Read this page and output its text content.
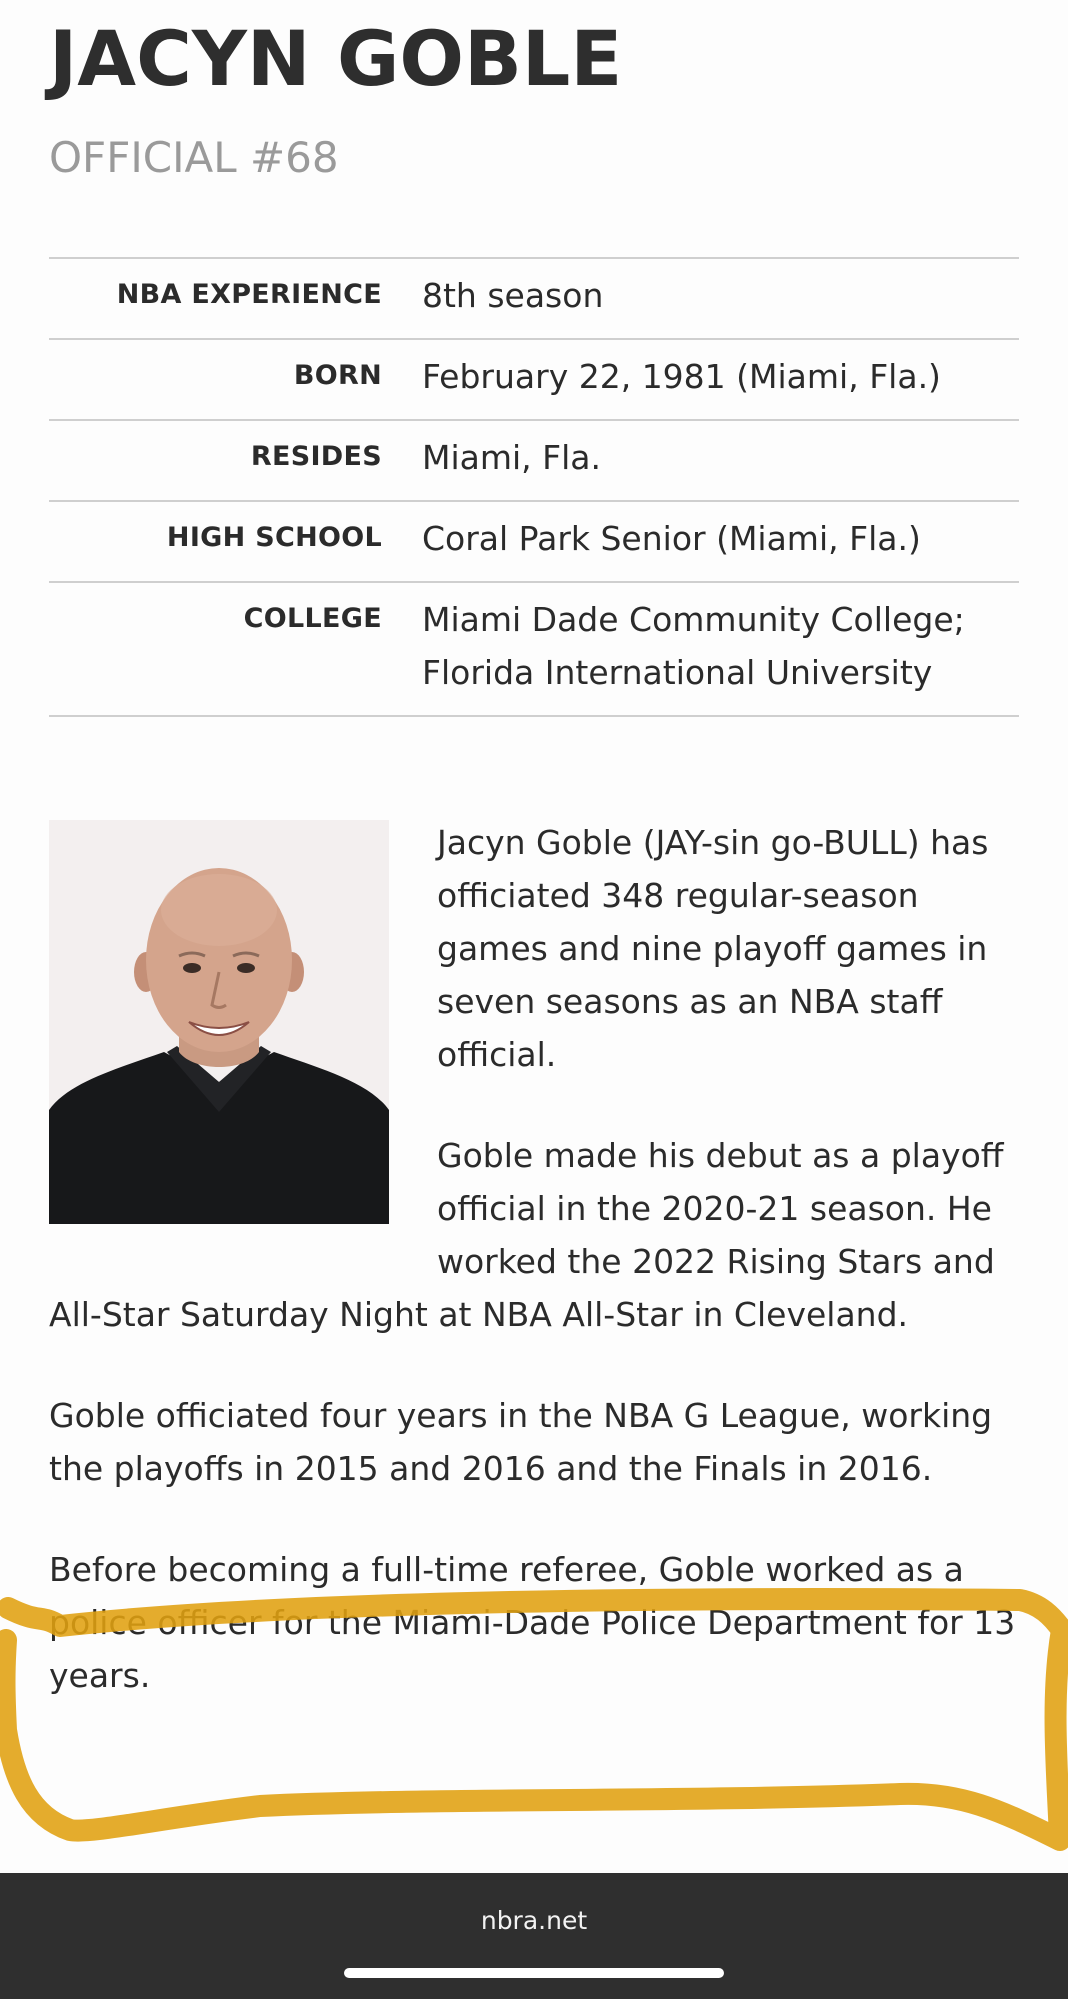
JACYN GOBLE
OFFICIAL #68
NBA EXPERIENCE	8th season
BORN	February 22, 1981 (Miami, Fla.)
RESIDES	Miami, Fla.
HIGH SCHOOL	Coral Park Senior (Miami, Fla.)
COLLEGE	Miami Dade Community College; Florida International University

Jacyn Goble (JAY-sin go-BULL) has officiated 348 regular-season games and nine playoff games in seven seasons as an NBA staff official.

Goble made his debut as a playoff official in the 2020-21 season. He worked the 2022 Rising Stars and All-Star Saturday Night at NBA All-Star in Cleveland.

Goble officiated four years in the NBA G League, working the playoffs in 2015 and 2016 and the Finals in 2016.

Before becoming a full-time referee, Goble worked as a police officer for the Miami-Dade Police Department for 13 years.

nbra.net
